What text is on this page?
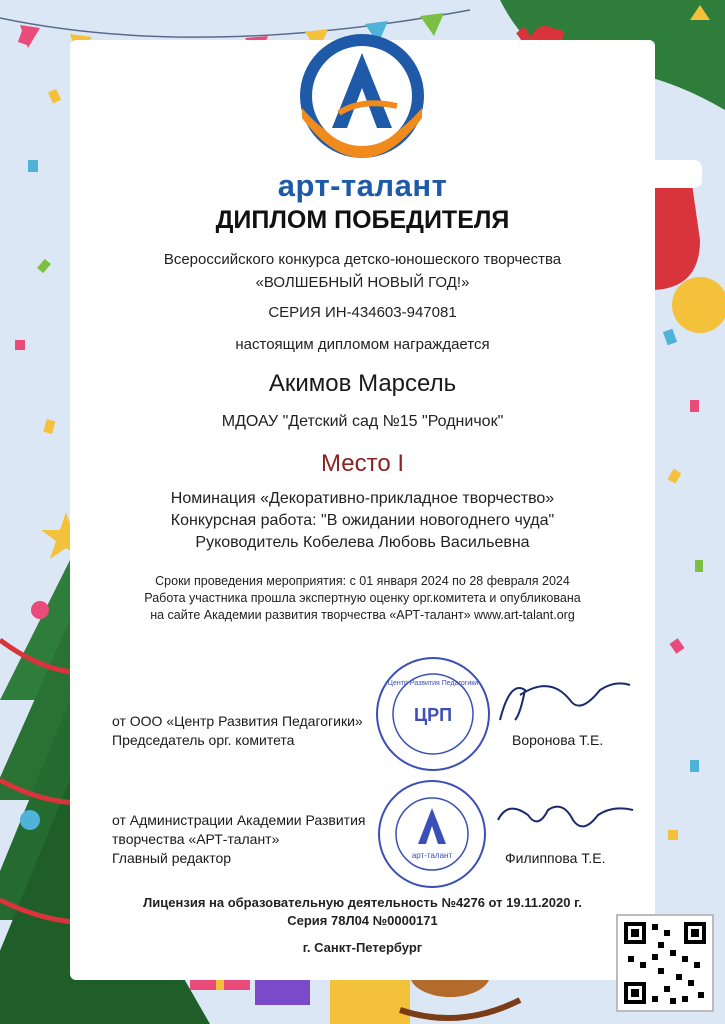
арт-талант
ДИПЛОМ ПОБЕДИТЕЛЯ
Всероссийского конкурса детско-юношеского творчества
«ВОЛШЕБНЫЙ НОВЫЙ ГОД!»
СЕРИЯ ИН-434603-947081
настоящим дипломом награждается
Акимов Марсель
МДОАУ "Детский сад №15 "Родничок"
Место I
Номинация «Декоративно-прикладное творчество»
Конкурсная работа: "В ожидании новогоднего чуда"
Руководитель Кобелева Любовь Васильевна
Сроки проведения мероприятия: с 01 января 2024 по 28 февраля 2024
Работа участника прошла экспертную оценку орг.комитета и опубликована
на сайте Академии развития творчества «АРТ-талант» www.art-talant.org
от ООО «Центр Развития Педагогики»
Председатель орг. комитета
ЦРП
Центр Развития Педагогики
Воронова Т.Е.
от Администрации Академии Развития
творчества «АРТ-талант»
Главный редактор	арт-талант	Филиппова Т.Е.
Лицензия на образовательную деятельность №4276 от 19.11.2020 г.
Серия 78Л04 №0000171
г. Санкт-Петербург
